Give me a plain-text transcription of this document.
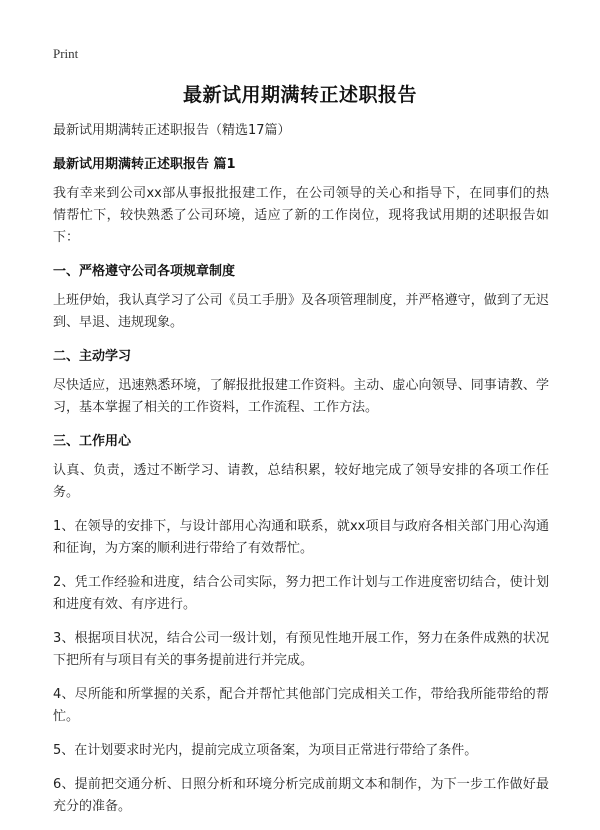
Print
最新试用期满转正述职报告
最新试用期满转正述职报告（精选17篇）
最新试用期满转正述职报告 篇1
我有幸来到公司xx部从事报批报建工作，在公司领导的关心和指导下，在同事们的热情帮忙下，较快熟悉了公司环境，适应了新的工作岗位，现将我试用期的述职报告如下：
一、严格遵守公司各项规章制度
上班伊始，我认真学习了公司《员工手册》及各项管理制度，并严格遵守，做到了无迟到、早退、违规现象。
二、主动学习
尽快适应，迅速熟悉环境，了解报批报建工作资料。主动、虚心向领导、同事请教、学习，基本掌握了相关的工作资料，工作流程、工作方法。
三、工作用心
认真、负责，透过不断学习、请教，总结积累，较好地完成了领导安排的各项工作任务。
1、在领导的安排下，与设计部用心沟通和联系，就xx项目与政府各相关部门用心沟通和征询，为方案的顺利进行带给了有效帮忙。
2、凭工作经验和进度，结合公司实际，努力把工作计划与工作进度密切结合，使计划和进度有效、有序进行。
3、根据项目状况，结合公司一级计划，有预见性地开展工作，努力在条件成熟的状况下把所有与项目有关的事务提前进行并完成。
4、尽所能和所掌握的关系，配合并帮忙其他部门完成相关工作，带给我所能带给的帮忙。
5、在计划要求时光内，提前完成立项备案，为项目正常进行带给了条件。
6、提前把交通分析、日照分析和环境分析完成前期文本和制作，为下一步工作做好最充分的准备。
